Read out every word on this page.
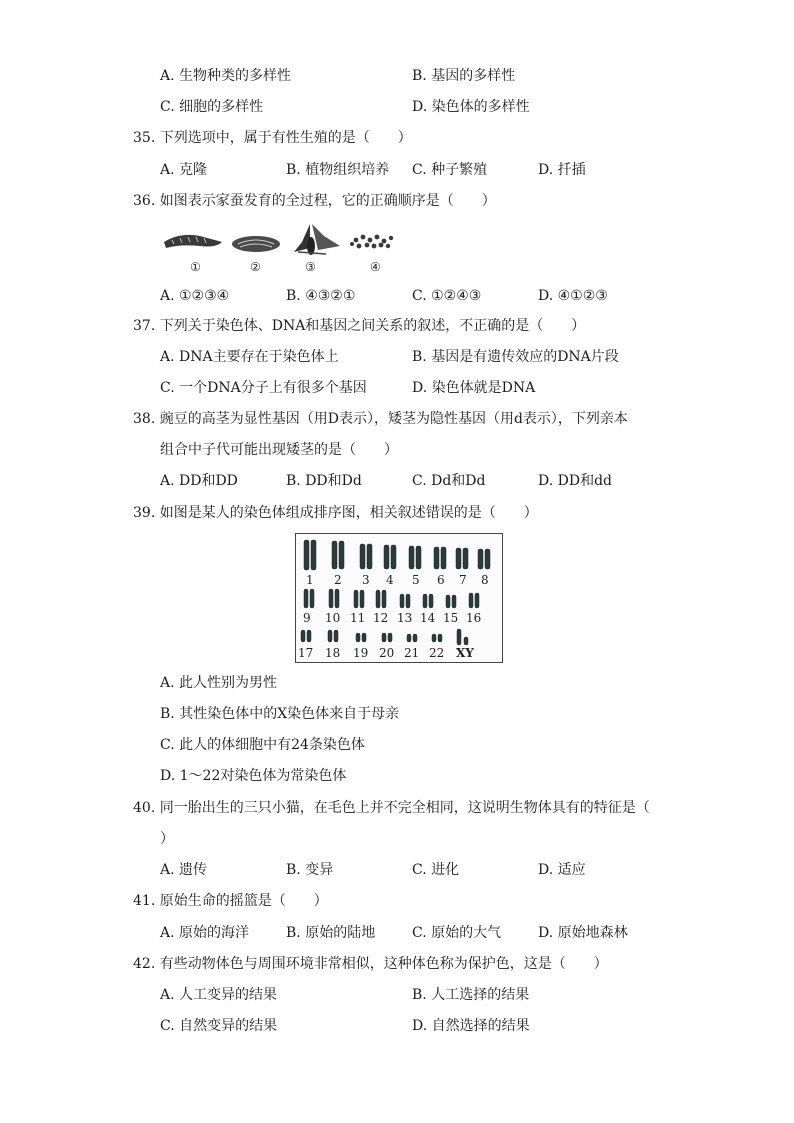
A. 生物种类的多样性	B. 基因的多样性
C. 细胞的多样性	D. 染色体的多样性
35. 下列选项中，属于有性生殖的是（　　）
A. 克隆	B. 植物组织培养 C. 种子繁殖	D. 扦插
36. 如图表示家蚕发育的全过程，它的正确顺序是（　　）
①	②	③	④
A. ①②③④	B. ④③②①	C. ①②④③	D. ④①②③
37. 下列关于染色体、DNA和基因之间关系的叙述，不正确的是（　　）
A. DNA主要存在于染色体上	B. 基因是有遗传效应的DNA片段
C. 一个DNA分子上有很多个基因	D. 染色体就是DNA
38. 豌豆的高茎为显性基因（用D表示），矮茎为隐性基因（用d表示），下列亲本
组合中子代可能出现矮茎的是（　　）
A. DD和DD	B. DD和Dd	C. Dd和Dd	D. DD和dd
39. 如图是某人的染色体组成排序图，相关叙述错误的是（　　）
1 2 3 4 5 6 7 8
9 10 11 12 13 14 15 16
17 18 19 20 21 22 XY
A. 此人性别为男性
B. 其性染色体中的X染色体来自于母亲
C. 此人的体细胞中有24条染色体
D. 1～22对染色体为常染色体
40. 同一胎出生的三只小猫，在毛色上并不完全相同，这说明生物体具有的特征是（
）
A. 遗传	B. 变异	C. 进化	D. 适应
41. 原始生命的摇篮是（　　）
A. 原始的海洋	B. 原始的陆地	C. 原始的大气	D. 原始地森林
42. 有些动物体色与周围环境非常相似，这种体色称为保护色，这是（　　）
A. 人工变异的结果	B. 人工选择的结果
C. 自然变异的结果	D. 自然选择的结果
